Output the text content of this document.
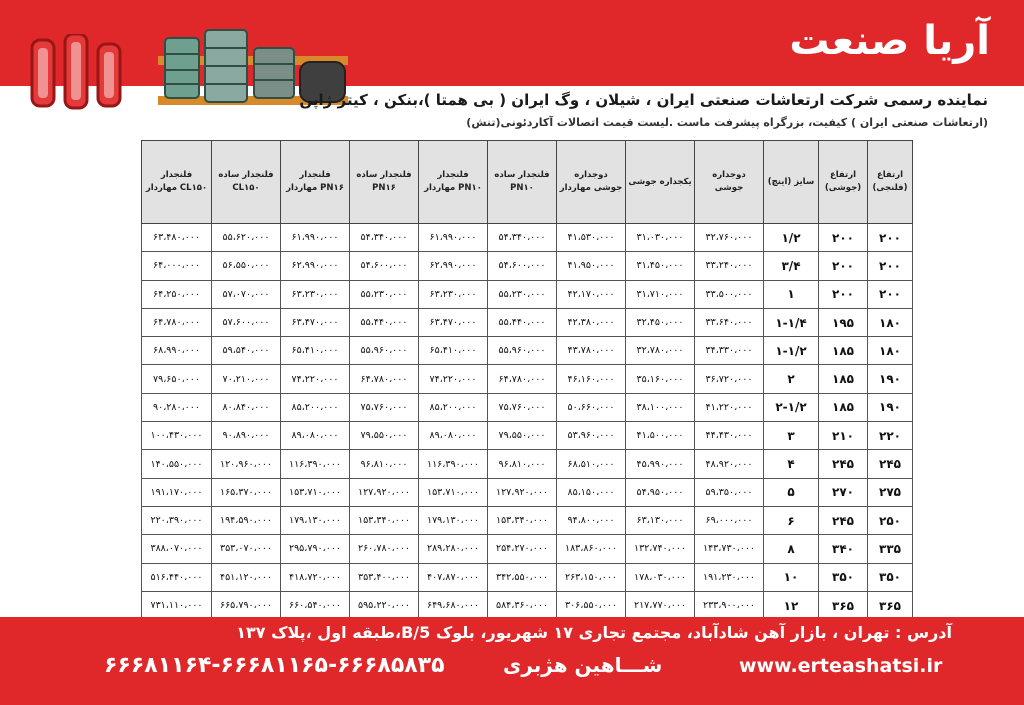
آریا صنعت
نماینده رسمی شرکت ارتعاشات صنعتی ایران ، شیلان ، وگ ایران ( بی همتا )،بنکن ، کیتز ژاپن
(ارتعاشات صنعتی ایران ) کیفیت، بزرگراه پیشرفت ماست .لیست قیمت اتصالات آکاردئونی(تنش)
فلنجدار مهاردار CL۱۵۰	فلنجدار ساده CL۱۵۰	فلنجدار مهاردار PN۱۶	فلنجدار ساده PN۱۶	فلنجدار مهاردار PN۱۰	فلنجدار ساده PN۱۰	دوجداره جوشی مهاردار	یکجداره جوشی	دوجداره جوشی	سایز (اینچ)	ارتفاع (جوشی)	ارتفاع (فلنجی)
۶۳،۴۸۰،۰۰۰	۵۵،۶۲۰،۰۰۰	۶۱،۹۹۰،۰۰۰	۵۴،۳۴۰،۰۰۰	۶۱،۹۹۰،۰۰۰	۵۴،۳۴۰،۰۰۰	۴۱،۵۳۰،۰۰۰	۳۱،۰۳۰،۰۰۰	۳۲،۷۶۰،۰۰۰	۱/۲	۲۰۰	۲۰۰
۶۴،۰۰۰،۰۰۰	۵۶،۵۵۰،۰۰۰	۶۲،۹۹۰،۰۰۰	۵۴،۶۰۰،۰۰۰	۶۲،۹۹۰،۰۰۰	۵۴،۶۰۰،۰۰۰	۴۱،۹۵۰،۰۰۰	۳۱،۴۵۰،۰۰۰	۳۳،۲۴۰،۰۰۰	۳/۴	۲۰۰	۲۰۰
۶۴،۲۵۰،۰۰۰	۵۷،۰۷۰،۰۰۰	۶۳،۲۳۰،۰۰۰	۵۵،۲۳۰،۰۰۰	۶۳،۲۳۰،۰۰۰	۵۵،۲۳۰،۰۰۰	۴۲،۱۷۰،۰۰۰	۳۱،۷۱۰،۰۰۰	۳۳،۵۰۰،۰۰۰	۱	۲۰۰	۲۰۰
۶۴،۷۸۰،۰۰۰	۵۷،۶۰۰،۰۰۰	۶۳،۴۷۰،۰۰۰	۵۵،۴۴۰،۰۰۰	۶۳،۴۷۰،۰۰۰	۵۵،۴۴۰،۰۰۰	۴۲،۳۸۰،۰۰۰	۳۲،۴۵۰،۰۰۰	۳۳،۶۴۰،۰۰۰	۱-۱/۴	۱۹۵	۱۸۰
۶۸،۹۹۰،۰۰۰	۵۹،۵۴۰،۰۰۰	۶۵،۴۱۰،۰۰۰	۵۵،۹۶۰،۰۰۰	۶۵،۴۱۰،۰۰۰	۵۵،۹۶۰،۰۰۰	۴۳،۷۸۰،۰۰۰	۳۲،۷۸۰،۰۰۰	۳۴،۳۳۰،۰۰۰	۱-۱/۲	۱۸۵	۱۸۰
۷۹،۶۵۰،۰۰۰	۷۰،۲۱۰،۰۰۰	۷۴،۲۲۰،۰۰۰	۶۴،۷۸۰،۰۰۰	۷۴،۲۲۰،۰۰۰	۶۴،۷۸۰،۰۰۰	۴۶،۱۶۰،۰۰۰	۳۵،۱۶۰،۰۰۰	۳۶،۷۲۰،۰۰۰	۲	۱۸۵	۱۹۰
۹۰،۲۸۰،۰۰۰	۸۰،۸۴۰،۰۰۰	۸۵،۲۰۰،۰۰۰	۷۵،۷۶۰،۰۰۰	۸۵،۲۰۰،۰۰۰	۷۵،۷۶۰،۰۰۰	۵۰،۶۶۰،۰۰۰	۳۸،۱۰۰،۰۰۰	۴۱،۲۲۰،۰۰۰	۲-۱/۲	۱۸۵	۱۹۰
۱۰۰،۴۳۰،۰۰۰	۹۰،۸۹۰،۰۰۰	۸۹،۰۸۰،۰۰۰	۷۹،۵۵۰،۰۰۰	۸۹،۰۸۰،۰۰۰	۷۹،۵۵۰،۰۰۰	۵۳،۹۶۰،۰۰۰	۴۱،۵۰۰،۰۰۰	۴۴،۴۳۰،۰۰۰	۳	۲۱۰	۲۲۰
۱۴۰،۵۵۰،۰۰۰	۱۲۰،۹۶۰،۰۰۰	۱۱۶،۳۹۰،۰۰۰	۹۶،۸۱۰،۰۰۰	۱۱۶،۳۹۰،۰۰۰	۹۶،۸۱۰،۰۰۰	۶۸،۵۱۰،۰۰۰	۴۵،۹۹۰،۰۰۰	۴۸،۹۲۰،۰۰۰	۴	۲۴۵	۲۴۵
۱۹۱،۱۷۰،۰۰۰	۱۶۵،۳۷۰،۰۰۰	۱۵۳،۷۱۰،۰۰۰	۱۲۷،۹۲۰،۰۰۰	۱۵۳،۷۱۰،۰۰۰	۱۲۷،۹۲۰،۰۰۰	۸۵،۱۵۰،۰۰۰	۵۴،۹۵۰،۰۰۰	۵۹،۳۵۰،۰۰۰	۵	۲۷۰	۲۷۵
۲۲۰،۳۹۰،۰۰۰	۱۹۴،۵۹۰،۰۰۰	۱۷۹،۱۳۰،۰۰۰	۱۵۳،۳۴۰،۰۰۰	۱۷۹،۱۳۰،۰۰۰	۱۵۳،۳۴۰،۰۰۰	۹۴،۸۰۰،۰۰۰	۶۳،۱۳۰،۰۰۰	۶۹،۰۰۰،۰۰۰	۶	۲۴۵	۲۵۰
۳۸۸،۰۷۰،۰۰۰	۳۵۳،۰۷۰،۰۰۰	۲۹۵،۷۹۰،۰۰۰	۲۶۰،۷۸۰،۰۰۰	۲۸۹،۲۸۰،۰۰۰	۲۵۴،۲۷۰،۰۰۰	۱۸۳،۸۶۰،۰۰۰	۱۳۲،۷۴۰،۰۰۰	۱۴۳،۷۳۰،۰۰۰	۸	۳۴۰	۳۳۵
۵۱۶،۴۴۰،۰۰۰	۴۵۱،۱۲۰،۰۰۰	۴۱۸،۷۲۰،۰۰۰	۳۵۳،۴۰۰،۰۰۰	۴۰۷،۸۷۰،۰۰۰	۳۴۲،۵۵۰،۰۰۰	۲۶۳،۱۵۰،۰۰۰	۱۷۸،۰۳۰،۰۰۰	۱۹۱،۲۳۰،۰۰۰	۱۰	۳۵۰	۳۵۰
۷۳۱،۱۱۰،۰۰۰	۶۶۵،۷۹۰،۰۰۰	۶۶۰،۵۴۰،۰۰۰	۵۹۵،۲۲۰،۰۰۰	۶۴۹،۶۸۰،۰۰۰	۵۸۴،۳۶۰،۰۰۰	۳۰۶،۵۵۰،۰۰۰	۲۱۷،۷۷۰،۰۰۰	۲۳۳،۹۰۰،۰۰۰	۱۲	۳۶۵	۳۶۵
آدرس : تهران ، بازار آهن شادآباد، مجتمع تجاری ۱۷ شهریور، بلوک B/5،طبقه اول ،پلاک ۱۳۷
۶۶۶۸۱۱۶۴-۶۶۶۸۱۱۶۵-۶۶۶۸۵۸۳۵	شـــاهین هژبری	www.erteashatsi.ir
